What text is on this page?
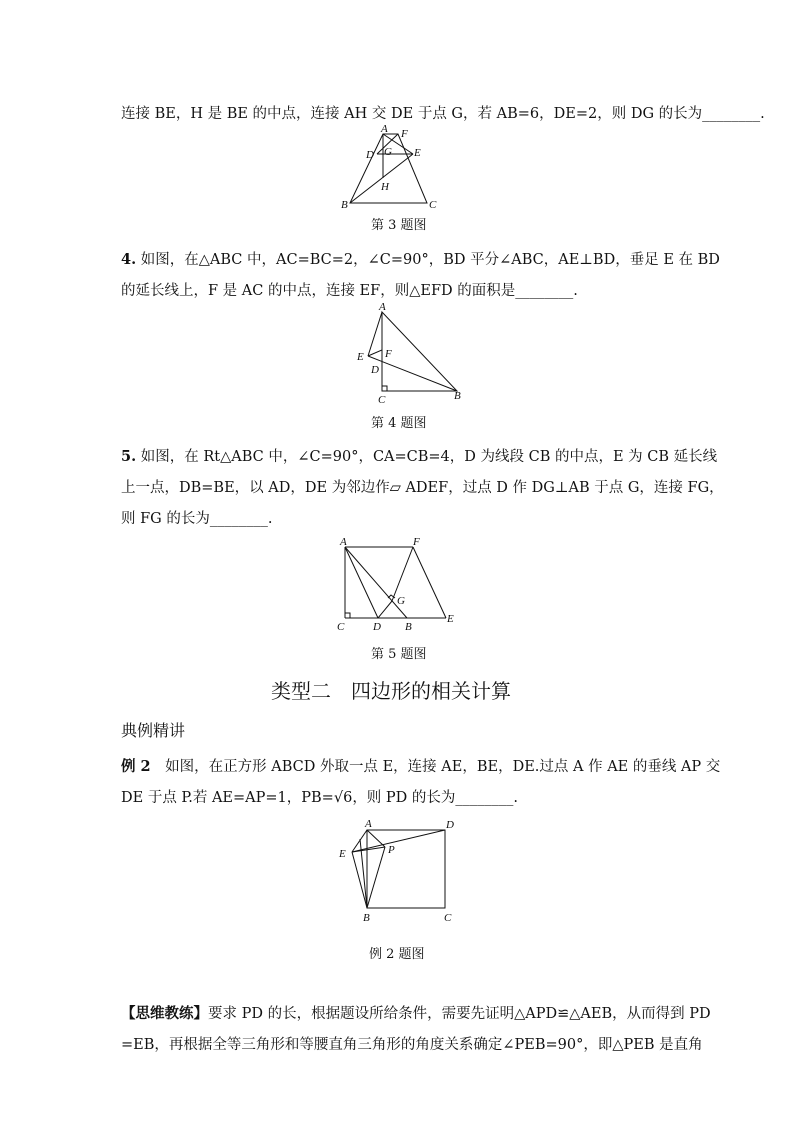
连接 BE，H 是 BE 的中点，连接 AH 交 DE 于点 G，若 AB=6，DE=2，则 DG 的长为________.
A F
D G E
H
B	C
第 3 题图
4. 如图，在△ABC 中，AC=BC=2，∠C=90°，BD 平分∠ABC，AE⊥BD，垂足 E 在 BD
的延长线上，F 是 AC 的中点，连接 EF，则△EFD 的面积是________.
A
E F
D
C	B
第 4 题图
5. 如图，在 Rt△ABC 中，∠C=90°，CA=CB=4，D 为线段 CB 的中点，E 为 CB 延长线
上一点，DB=BE，以 AD，DE 为邻边作▱ ADEF，过点 D 作 DG⊥AB 于点 G，连接 FG，
则 FG 的长为________.
A	F
G
C	D B
E
第 5 题图
类型二　四边形的相关计算
典例精讲
例 2　 如图，在正方形 ABCD 外取一点 E，连接 AE，BE，DE.过点 A 作 AE 的垂线 AP 交
DE 于点 P.若 AE=AP=1，PB=√6，则 PD 的长为________.
A	D
E	P
B	C
例 2 题图
【思维教练】要求 PD 的长，根据题设所给条件，需要先证明△APD≌△AEB，从而得到 PD
=EB，再根据全等三角形和等腰直角三角形的角度关系确定∠PEB=90°，即△PEB 是直角
